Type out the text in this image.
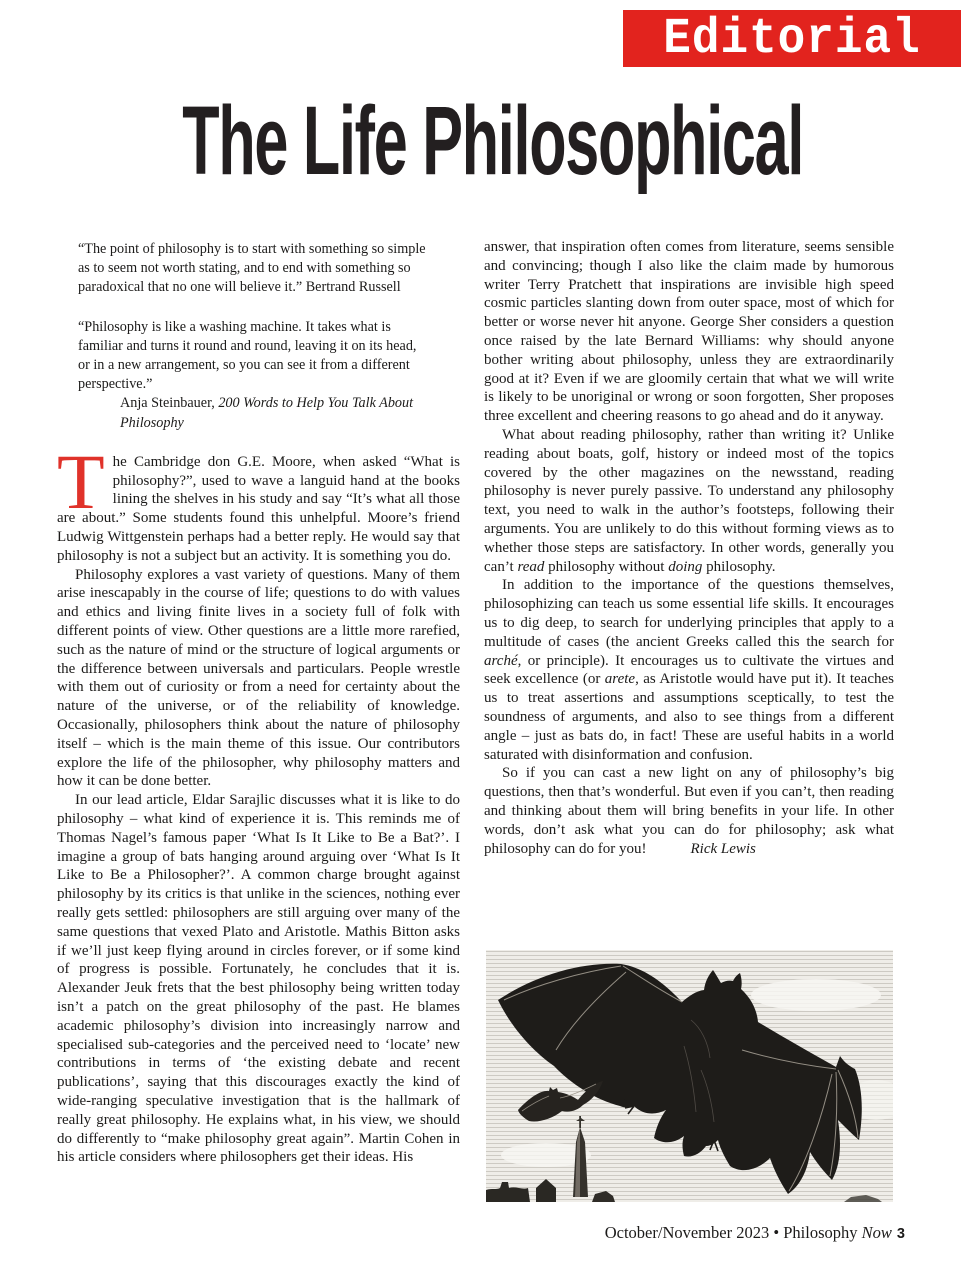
Editorial
The Life Philosophical
“The point of philosophy is to start with something so simple as to seem not worth stating, and to end with something so paradoxical that no one will believe it.” Bertrand Russell
“Philosophy is like a washing machine. It takes what is familiar and turns it round and round, leaving it on its head, or in a new arrangement, so you can see it from a different perspective.”
Anja Steinbauer, 200 Words to Help You Talk About Philosophy

The Cambridge don G.E. Moore, when asked “What is philosophy?”, used to wave a languid hand at the books lining the shelves in his study and say “It’s what all those are about.” Some students found this unhelpful. Moore’s friend Ludwig Wittgenstein perhaps had a better reply. He would say that philosophy is not a subject but an activity. It is something you do.

Philosophy explores a vast variety of questions. Many of them arise inescapably in the course of life; questions to do with values and ethics and living finite lives in a society full of folk with different points of view. Other questions are a little more rarefied, such as the nature of mind or the structure of logical arguments or the difference between universals and particulars. People wrestle with them out of curiosity or from a need for certainty about the nature of the universe, or of the reliability of knowledge. Occasionally, philosophers think about the nature of philosophy itself – which is the main theme of this issue. Our contributors explore the life of the philosopher, why philosophy matters and how it can be done better.

In our lead article, Eldar Sarajlic discusses what it is like to do philosophy – what kind of experience it is. This reminds me of Thomas Nagel’s famous paper ‘What Is It Like to Be a Bat?’. I imagine a group of bats hanging around arguing over ‘What Is It Like to Be a Philosopher?’. A common charge brought against philosophy by its critics is that unlike in the sciences, nothing ever really gets settled: philosophers are still arguing over many of the same questions that vexed Plato and Aristotle. Mathis Bitton asks if we’ll just keep flying around in circles forever, or if some kind of progress is possible. Fortunately, he concludes that it is. Alexander Jeuk frets that the best philosophy being written today isn’t a patch on the great philosophy of the past. He blames academic philosophy’s division into increasingly narrow and specialised sub-categories and the perceived need to ‘locate’ new contributions in terms of ‘the existing debate and recent publications’, saying that this discourages exactly the kind of wide-ranging speculative investigation that is the hallmark of really great philosophy. He explains what, in his view, we should do differently to “make philosophy great again”. Martin Cohen in his article considers where philosophers get their ideas. His

answer, that inspiration often comes from literature, seems sensible and convincing; though I also like the claim made by humorous writer Terry Pratchett that inspirations are invisible high speed cosmic particles slanting down from outer space, most of which for better or worse never hit anyone. George Sher considers a question once raised by the late Bernard Williams: why should anyone bother writing about philosophy, unless they are extraordinarily good at it? Even if we are gloomily certain that what we will write is likely to be unoriginal or wrong or soon forgotten, Sher proposes three excellent and cheering reasons to go ahead and do it anyway.

What about reading philosophy, rather than writing it? Unlike reading about boats, golf, history or indeed most of the topics covered by the other magazines on the newsstand, reading philosophy is never purely passive. To understand any philosophy text, you need to walk in the author’s footsteps, following their arguments. You are unlikely to do this without forming views as to whether those steps are satisfactory. In other words, generally you can’t read philosophy without doing philosophy.

In addition to the importance of the questions themselves, philosophizing can teach us some essential life skills. It encourages us to dig deep, to search for underlying principles that apply to a multitude of cases (the ancient Greeks called this the search for arché, or principle). It encourages us to cultivate the virtues and seek excellence (or arete, as Aristotle would have put it). It teaches us to treat assertions and assumptions sceptically, to test the soundness of arguments, and also to see things from a different angle – just as bats do, in fact! These are useful habits in a world saturated with disinformation and confusion.

So if you can cast a new light on any of philosophy’s big questions, then that’s wonderful. But even if you can’t, then reading and thinking about them will bring benefits in your life. In other words, don’t ask what you can do for philosophy; ask what philosophy can do for you!	Rick Lewis

October/November 2023 • Philosophy Now 3
